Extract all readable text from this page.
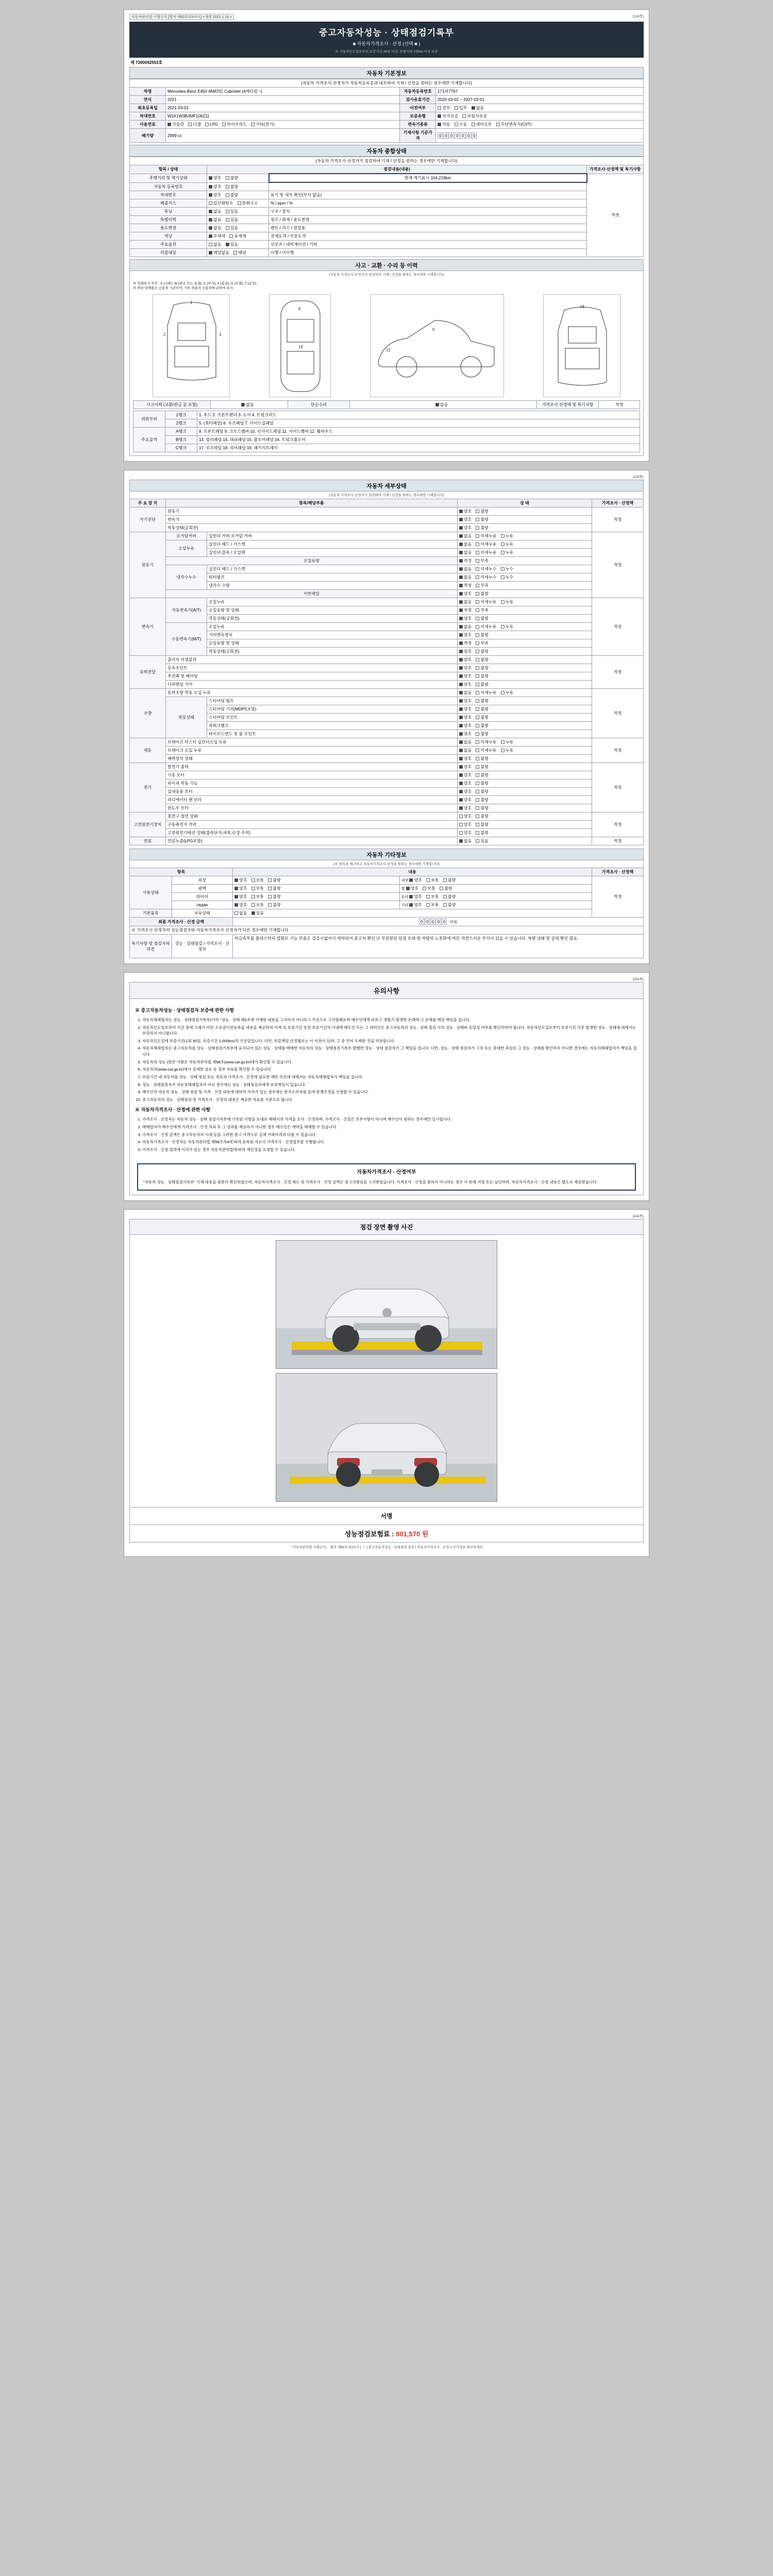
자동차관리법 시행규칙 [별지 제82호의3서식] <개정 2021.1.16.>	(1/4쪽)
중고자동차성능 · 상태점검기록부
■ 자동차가격조사 · 산정 (선택 ■ )
※ 자동차인도일로부터 보증기간 30일 이상, 주행거리 2천km 이상 보증
제 7300002553호
자동차 기본정보
(자동차 가격조사·산정자가 자동차등록증과 대조하여 기재 / 산정을 원하는 경우에만 기재합니다)			
차명	Mercedes-Benz E450 4MATIC Cabriolet (4매티엄 ↑)	자동차등록번호	171버7767
연식	2021	검사유효기간	2025-03-02 ~ 2027-03-01
최초등록일	2021-03-02	이전여부	전부 일부 없음
차대번호	W1K1W3B3MF106211	보증유형	자가보증 보험사보증
사용연료	가솔린 디젤 LPG 하이브리드 기타(전기)	변속기종류	자동 수동 세미오토 무단변속기(CVT)
배기량	2999 cc	기재사항 기준가격	
0 0 0 0 0 0 0
자동차 종합상태
(자동차 가격조사·산정자가 점검하여 기재 / 산정을 원하는 경우에만 기재합니다)			
항목 / 상태	점검내용(내용)		가격조사·산정액 및 특기사항
주행거리 및 계기상태	양호 불량	현재 계기표시 104,219km	적정
자동차 등록번호	양호 불량		
차대번호	양호 불량	표기 및 내부 확인(부식 없음)	
배출가스	일산화탄소 탄화수소	% / ppm / %	
튜닝	없음 있음	구조 / 장치	
특별이력	없음 있음	침수 / 화재 / 용도변경	
용도변경	없음 있음	렌트 / 리스 / 영업용	
색상	무채색 유채색	전체도색 / 부분도색	
주요옵션	없음 있음	선루프 / 내비게이션 / 기타	
리콜대상	해당없음 해당	이행 / 미이행	
사고 · 교환 · 수리 등 이력
(자동차 가격조사·산정자가 점검하여 기재 / 산정을 원하는 경우에만 기재합니다)
※ 상태표시 부호 : X (교환), W (판금 또는 용접), C (부식), A (흠집), U (요철), T (손상)
※ 하단 당해품은 승용차 기준이며, 기타 차종의 승용차에 준하여 표시
1
2	3
8
16
6
12
18
사고이력 (교환/판금 등 포함)	없음	단순수리	없음	가격조사·산정액 및 특기사항	적정
외판부위	1랭크	1. 후드 2. 프론트펜더 3. 도어 4. 트렁크리드
	2랭크	5. (쿼터패널) 6. 루프패널 7. 사이드실패널
주요골격	A랭크	8. 프론트패널 9. 크로스멤버 10. 인사이드패널 11. 사이드멤버 12. 휠하우스
	B랭크	13. 필러패널 14. 대쉬패널 15. 플로어패널 16. 트렁크플로어
	C랭크	17. 루프레일 18. 리어패널 19. 패키지트레이
(2/4쪽)
자동차 세부상태
(자동차 가격조사·산정자가 점검하여 기재 / 산정을 원하는 경우에만 기재합니다)
주 요 장 치	항목/해당부품		상 태	가격조사 · 산정액
자기진단	원동기		양호 불량	적정
	변속기		양호 불량	
	작동상태(공회전)		양호 불량	
원동기	로커암커버	실린더 커버 로커암 커버	없음 미세누유 누유	적정
	오일누유	실린더 헤드 / 가스켓	없음 미세누유 누유	
		실린더 블록 / 오일팬	없음 미세누유 누유	
	오일유량		적정 부족	
	냉각수누수	실린더 헤드 / 가스켓	없음 미세누수 누수	
		워터펌프	없음 미세누수 누수	
		냉각수 수량	적정 부족	
	커먼레일		양호 불량	
변속기	자동변속기(A/T)	오일누유	없음 미세누유 누유	적정
		오일유량 및 상태	적정 부족	
		작동상태(공회전)	양호 불량	
	수동변속기(M/T)	오일누유	없음 미세누유 누유	
		기어변속장치	양호 불량	
		오일유량 및 상태	적정 부족	
		작동상태(공회전)	양호 불량	
동력전달	클러치 어셈블리		양호 불량	적정
	등속조인트		양호 불량	
	추진축 및 베어링		양호 불량	
	디퍼렌셜 기어		양호 불량	
조향	동력조향 작동 오일 누유		없음 미세누유 누유	적정
	작동상태	스티어링 펌프	양호 불량	
		스티어링 기어(MDPS포함)	양호 불량	
		스티어링 조인트	양호 불량	
		파워크랭크	양호 불량	
		타이로드엔드 및 볼 조인트	양호 불량	
제동	브레이크 마스터 실린더오일 누유		없음 미세누유 누유	적정
	브레이크 오일 누유		없음 미세누유 누유	
	배력장치 상태		양호 불량	
전기	발전기 출력		양호 불량	적정
	시동 모터		양호 불량	
	와이퍼 작동 기능		양호 불량	
	실내송풍 모터		양호 불량	
	라디에이터 팬 모터		양호 불량	
	윈도우 모터		양호 불량	
고전원전기장치	충전구 절연 상태		양호 불량	적정
	구동축전지 격리		양호 불량	
	고전원전기배선 상태(접속단자,피복,손상 주의)		양호 불량	
연료	연료누출(LPG포함)		없음 있음	적정
자동차 기타정보
(※ 항목을 체크하고 자동차가격조사·산정을 원하는 경우에만 기재합니다)
항목		내용		가격조사 · 산정액
사용상태	외장	양호 보통 불량	내장 양호 보통 불량	적정
	광택	양호 보통 불량	휠 양호 보통 불량	
	타이어	양호 보통 불량	유리 양호 보통 불량	
	седан	양호 보통 불량	기타 양호 보통 불량	
기본품목	보유상태	없음 있음		
최종 가격조사 · 산정 금액	0 0 0 0 0	만원
※ 가격조사·산정자의 성능점검자와 자동차가격조사·산정자가 다른 경우에만 기재합니다				
특기사항 및 점검자의 의견	성능 · 상태점검 / 가격조사 · 산정자	비금속부품 플라스틱의 열화로 기능 부품은 검증시없어서 세차되어 중고차 확인 난 부분판단 원점 모래 및 차량의 노후화에 따른 자연스러운 부식이 있을 수 있습니다. 차량 상태 및 상세 확인 필요.		
(3/4쪽)
유의사항
※ 중고자동차성능 · 상태점검자 보증에 관한 사항
1. 자동차해체업자는 성능 · 상태점검기록부(이하 "성능 · 상태 제2조에 기재한 내용을 고지하지 아니하고 거짓으로 고지할때로써 매수인에게 피보고 생할기 발생한 손해에 그 손해를 배상 책임을 집니다.
2. 자동차인도일로부터 기간 중에 고체기 미만 소유권이전등록을 내용을 제공하여 이에 의 보증기간 동안 보증기간의 이내에 매도인 또는 그 대리인은 중고자동차의 성능 · 상태 점검 시의 성능 · 상태와 동일성 여부를 확인하여야 합니다. 자동차인도일로부터 보증기간 이후 발생한 성능 · 상태에 대해서는 보증하지 아니합니다.
3. 자동차인도일에 보증기간(1회 30일, 보증기간 2,000km)의 기산일입니다. 다만, 보증책임 산정별로는 이 이전이 되며, 그 중 먼저 도래한 것을 적용합니다.
4. 자동차해체업자는 중고자동차를 성능 · 상태점검기록부에 표시되어 있는 성능 · 상태를 매매한 자동차의 성능 · 상태점검기록부 발행한 성능 · 상태 점검자가 그 책임을 집니다. 다만, 성능 · 상태 점검자가 고의 또는 중대한 과실로 그 성능 · 상태를 확인하지 아니한 경우에는 자동차해체업자가 책임을 집니다.
5. 자동차의 성능 (원만 사항은 자동차관리법 제58조(www.car.go.kr)에서 확인할 수 있습니다.
6. 자동차의(www.car.go.kr)에서 상세한 성능 등 정보 자료를 확인할 수 있습니다.
7. 보증기간 내 자동차를 성능 · 상태 점검 또는 자동차 가격조사 · 산정에 필요한 제반 의견에 대해서는 자동차해체업자가 책임을 집니다.
8. 성능 · 상태점검자가 자동차해체업자가 아닌 경우에는 성능 · 상태점검자에게 보증책임이 있습니다.
9. 매수인의 자동차 성능 · 상태 점검 및 가격 · 산정 내용에 대하여 이의가 있는 경우에는 한국소비자원 등에 분쟁조정을 신청할 수 있습니다.
10. 중고자동차의 성능 · 상태점검 및 가격조사 · 산정의 내용은 제공한 자료를 기준으로 합니다.
※ 자동차가격조사 · 산정에 관한 사항
1. 가격조사 · 산정자는 자동차 성능 · 상태 점검기록부에 기록된 사항을 토대로 매매시의 가격을 조사 · 산정하며, 가격조사 · 산정은 의무사항이 아니며 매수인이 원하는 경우에만 실시합니다.
2. 매매업자가 매수인에게 가격조사 · 산정 의뢰 후 그 결과를 제공하지 아니한 경우 매수인은 계약을 해제할 수 있습니다.
3. 가격조사 · 산정 금액은 중고자동차의 시세 등을 고려한 참고 가격으로 실제 거래가격과 다를 수 있습니다.
4. 자동차가격조사 · 산정자는 자동차관리법 제58조의4에 따라 등록된 자로서 가격조사 · 산정업무를 수행합니다.
5. 가격조사 · 산정 결과에 이의가 있는 경우 자동차관리법에 따라 재산정을 요청할 수 있습니다.
자동차가격조사 · 산정여부
"자동차 성능 · 상태점검기록부" 기재 내용을 충분히 확인하였으며, 자동차가격조사 · 산정 제도 및 가격조사 · 산정 금액은 참고사항임을 고지받았습니다. 가격조사 · 산정을 원하지 아니하는 경우 이 란에 서명 또는 날인하며, 자동차가격조사 · 산정 내용은 별도로 제공받습니다.
(4/4쪽)
점검 장면 촬영 사진
서명
성능점검보험료 : 801,570 원
「자동차관리법 시행규칙」 별지 제82호의3서식 [ ＋ ] 중고자동차성능 · 상태점검 결과 | 자동차가격조사 · 산정 1 부가정보 확인하세요.
